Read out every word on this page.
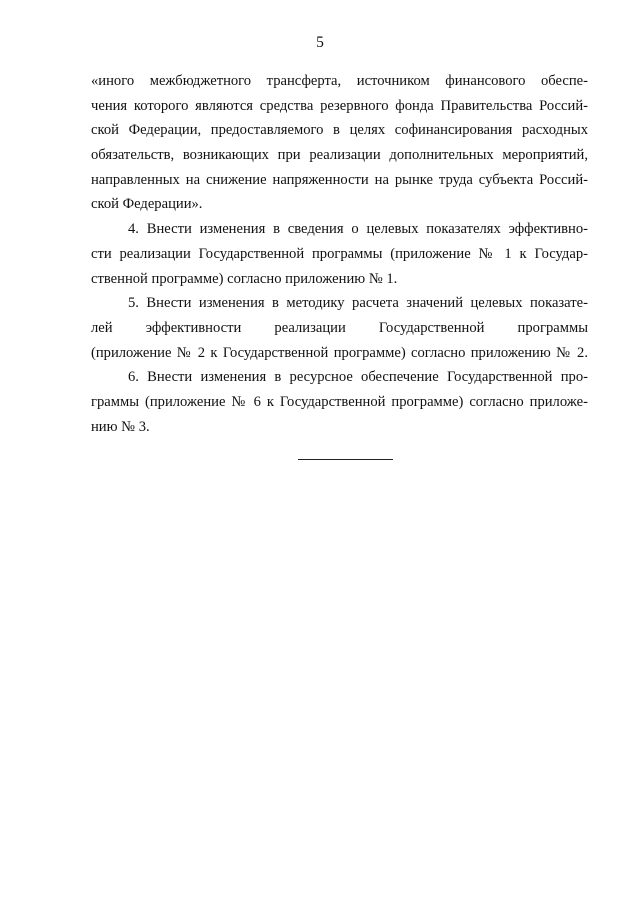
5
«иного межбюджетного трансферта, источником финансового обеспе-
чения которого являются средства резервного фонда Правительства Россий-
ской Федерации, предоставляемого в целях софинансирования расходных
обязательств, возникающих при реализации дополнительных мероприятий,
направленных на снижение напряженности на рынке труда субъекта Россий-
ской Федерации».
4. Внести изменения в сведения о целевых показателях эффективно-
сти реализации Государственной программы (приложение № 1 к Государ-
ственной программе) согласно приложению № 1.
5. Внести изменения в методику расчета значений целевых показате-
лей эффективности реализации Государственной программы
(приложение № 2 к Государственной программе) согласно приложению № 2.
6. Внести изменения в ресурсное обеспечение Государственной про-
граммы (приложение № 6 к Государственной программе) согласно приложе-
нию № 3.
